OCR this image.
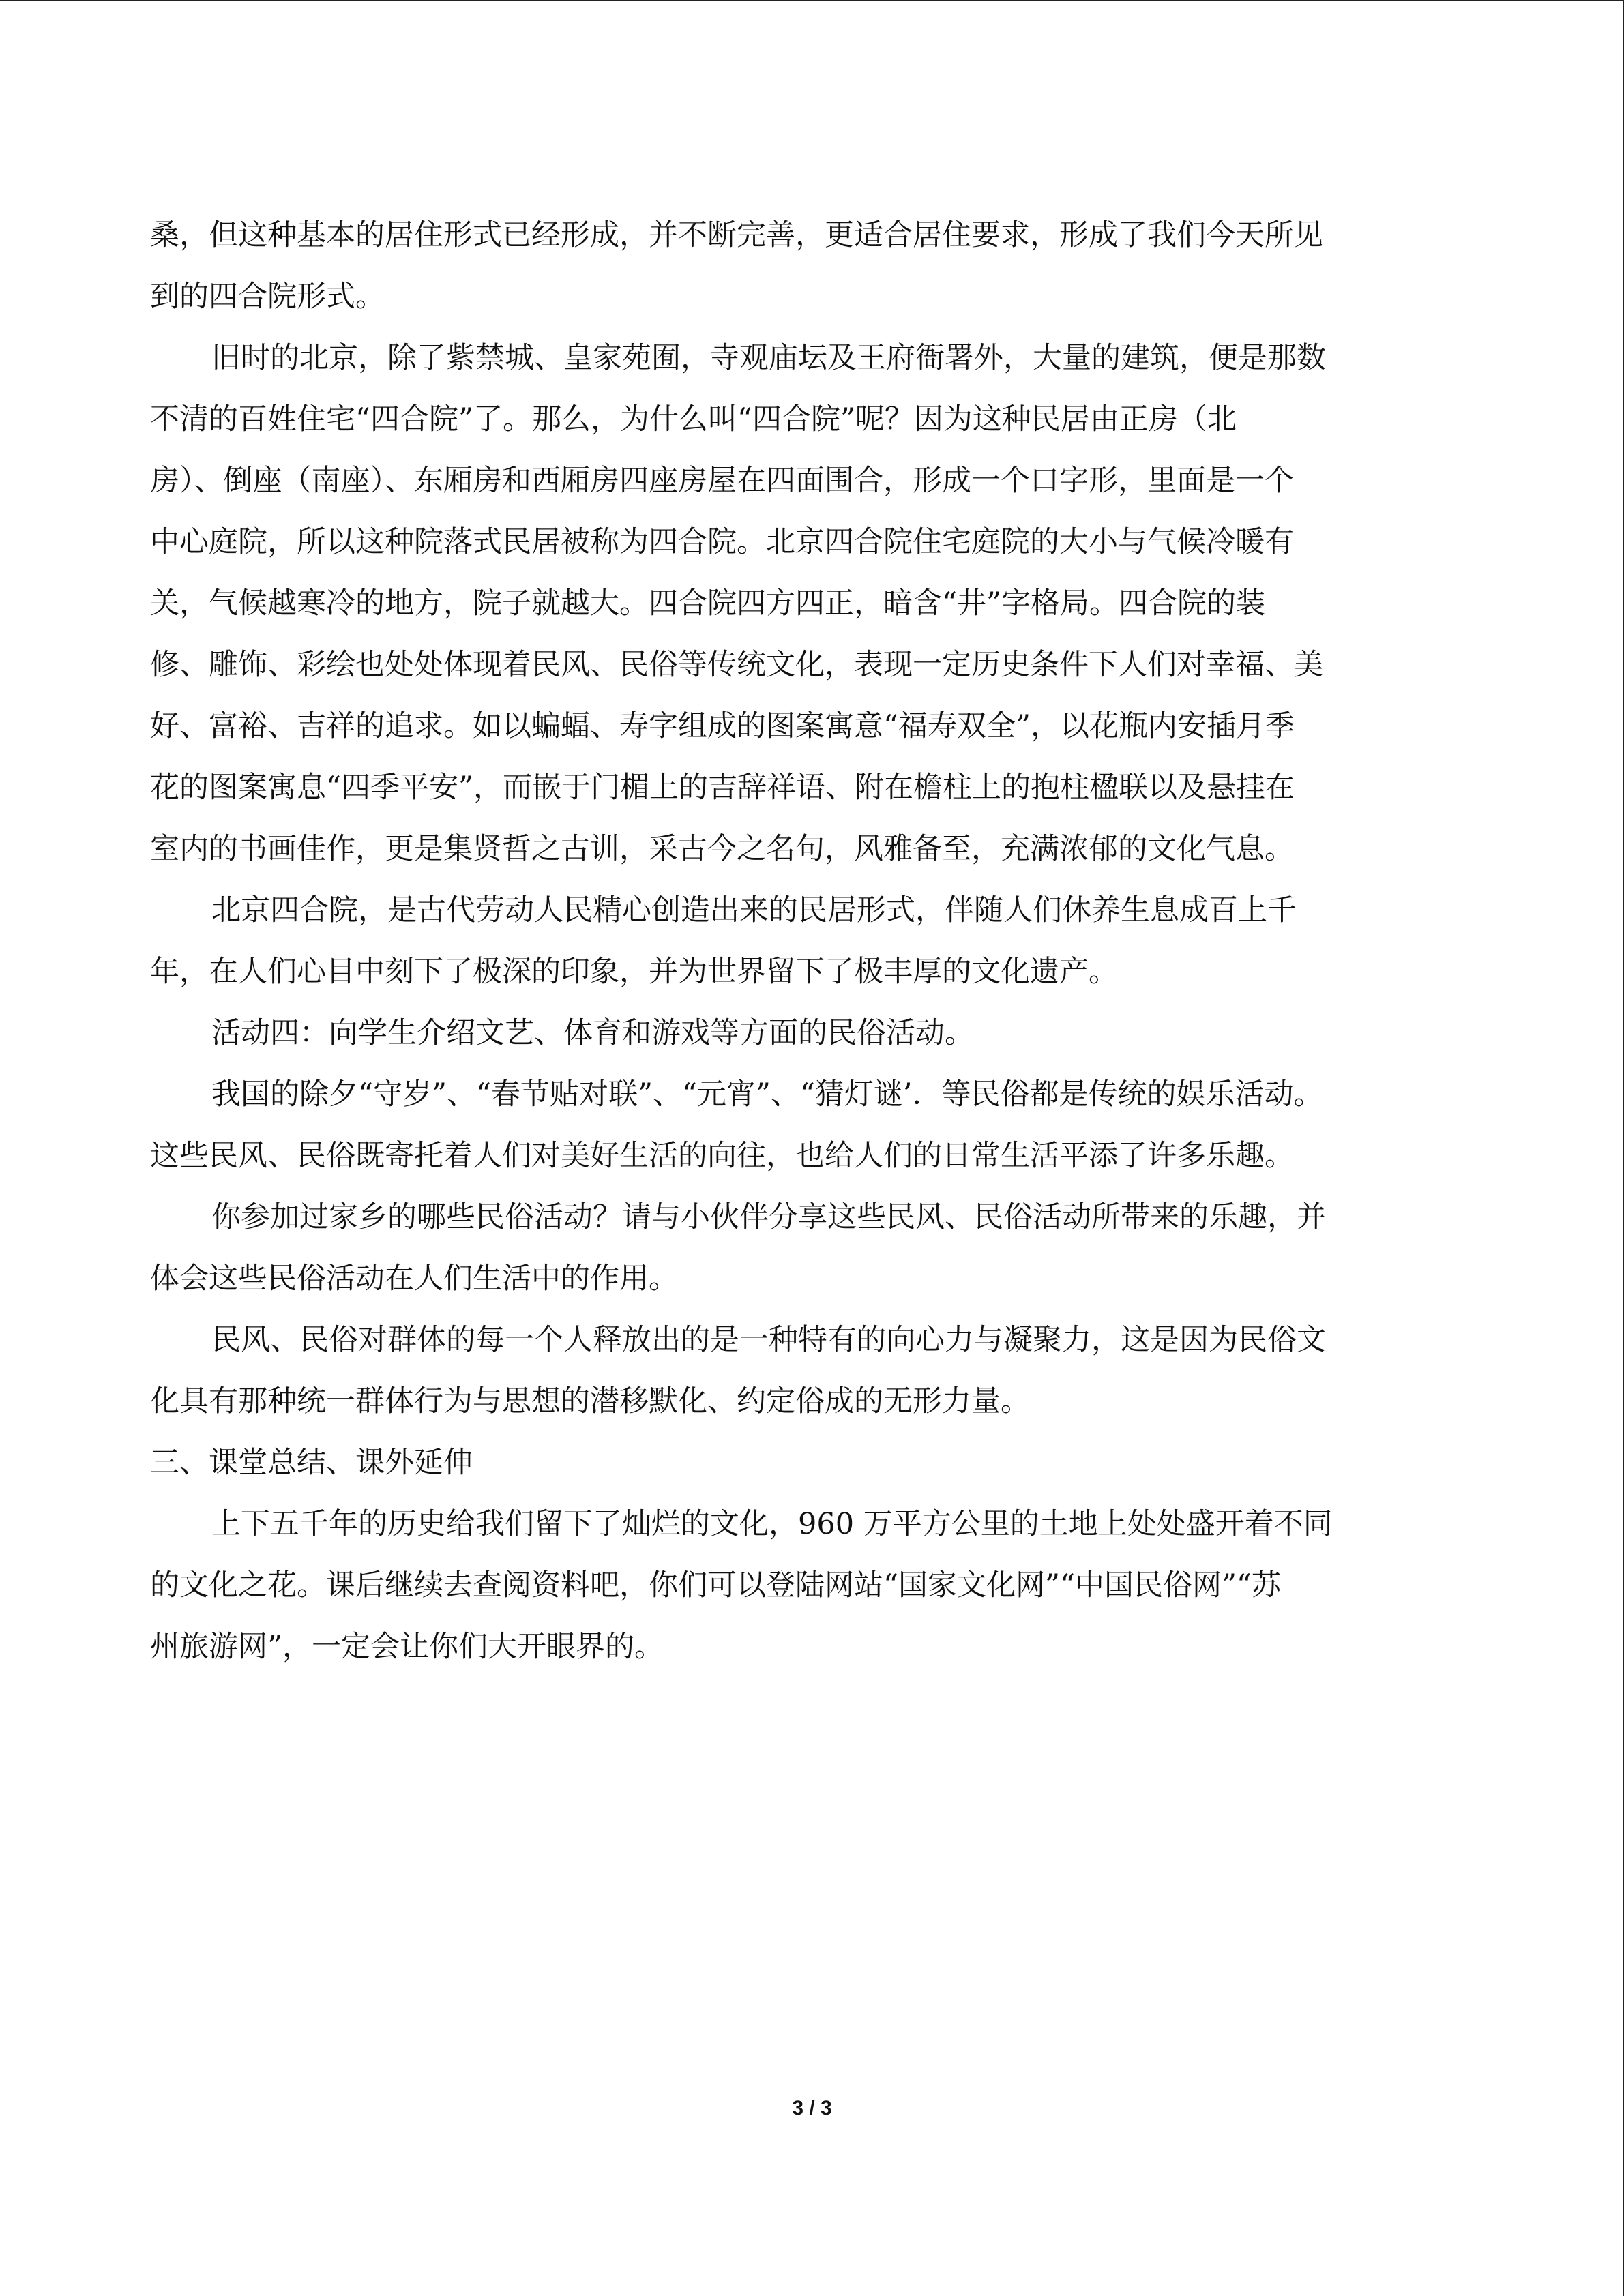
桑，但这种基本的居住形式已经形成，并不断完善，更适合居住要求，形成了我们今天所见
到的四合院形式。
旧时的北京，除了紫禁城、皇家苑囿，寺观庙坛及王府衙署外，大量的建筑，便是那数
不清的百姓住宅“四合院”了。那么，为什么叫“四合院”呢？因为这种民居由正房（北
房）、倒座（南座）、东厢房和西厢房四座房屋在四面围合，形成一个口字形，里面是一个
中心庭院，所以这种院落式民居被称为四合院。北京四合院住宅庭院的大小与气候冷暖有
关，气候越寒冷的地方，院子就越大。四合院四方四正，暗含“井”字格局。四合院的装
修、雕饰、彩绘也处处体现着民风、民俗等传统文化，表现一定历史条件下人们对幸福、美
好、富裕、吉祥的追求。如以蝙蝠、寿字组成的图案寓意“福寿双全”，以花瓶内安插月季
花的图案寓息“四季平安”，而嵌于门楣上的吉辞祥语、附在檐柱上的抱柱楹联以及悬挂在
室内的书画佳作，更是集贤哲之古训，采古今之名句，风雅备至，充满浓郁的文化气息。
北京四合院，是古代劳动人民精心创造出来的民居形式，伴随人们休养生息成百上千
年，在人们心目中刻下了极深的印象，并为世界留下了极丰厚的文化遗产。
活动四：向学生介绍文艺、体育和游戏等方面的民俗活动。
我国的除夕“守岁”、“春节贴对联”、“元宵”、“猜灯谜’．等民俗都是传统的娱乐活动。
这些民风、民俗既寄托着人们对美好生活的向往，也给人们的日常生活平添了许多乐趣。
你参加过家乡的哪些民俗活动？请与小伙伴分享这些民风、民俗活动所带来的乐趣，并
体会这些民俗活动在人们生活中的作用。
民风、民俗对群体的每一个人释放出的是一种特有的向心力与凝聚力，这是因为民俗文
化具有那种统一群体行为与思想的潜移默化、约定俗成的无形力量。
三、课堂总结、课外延伸
上下五千年的历史给我们留下了灿烂的文化，960 万平方公里的土地上处处盛开着不同
的文化之花。课后继续去查阅资料吧，你们可以登陆网站“国家文化网”“中国民俗网”“苏
州旅游网”，一定会让你们大开眼界的。
3 / 3
